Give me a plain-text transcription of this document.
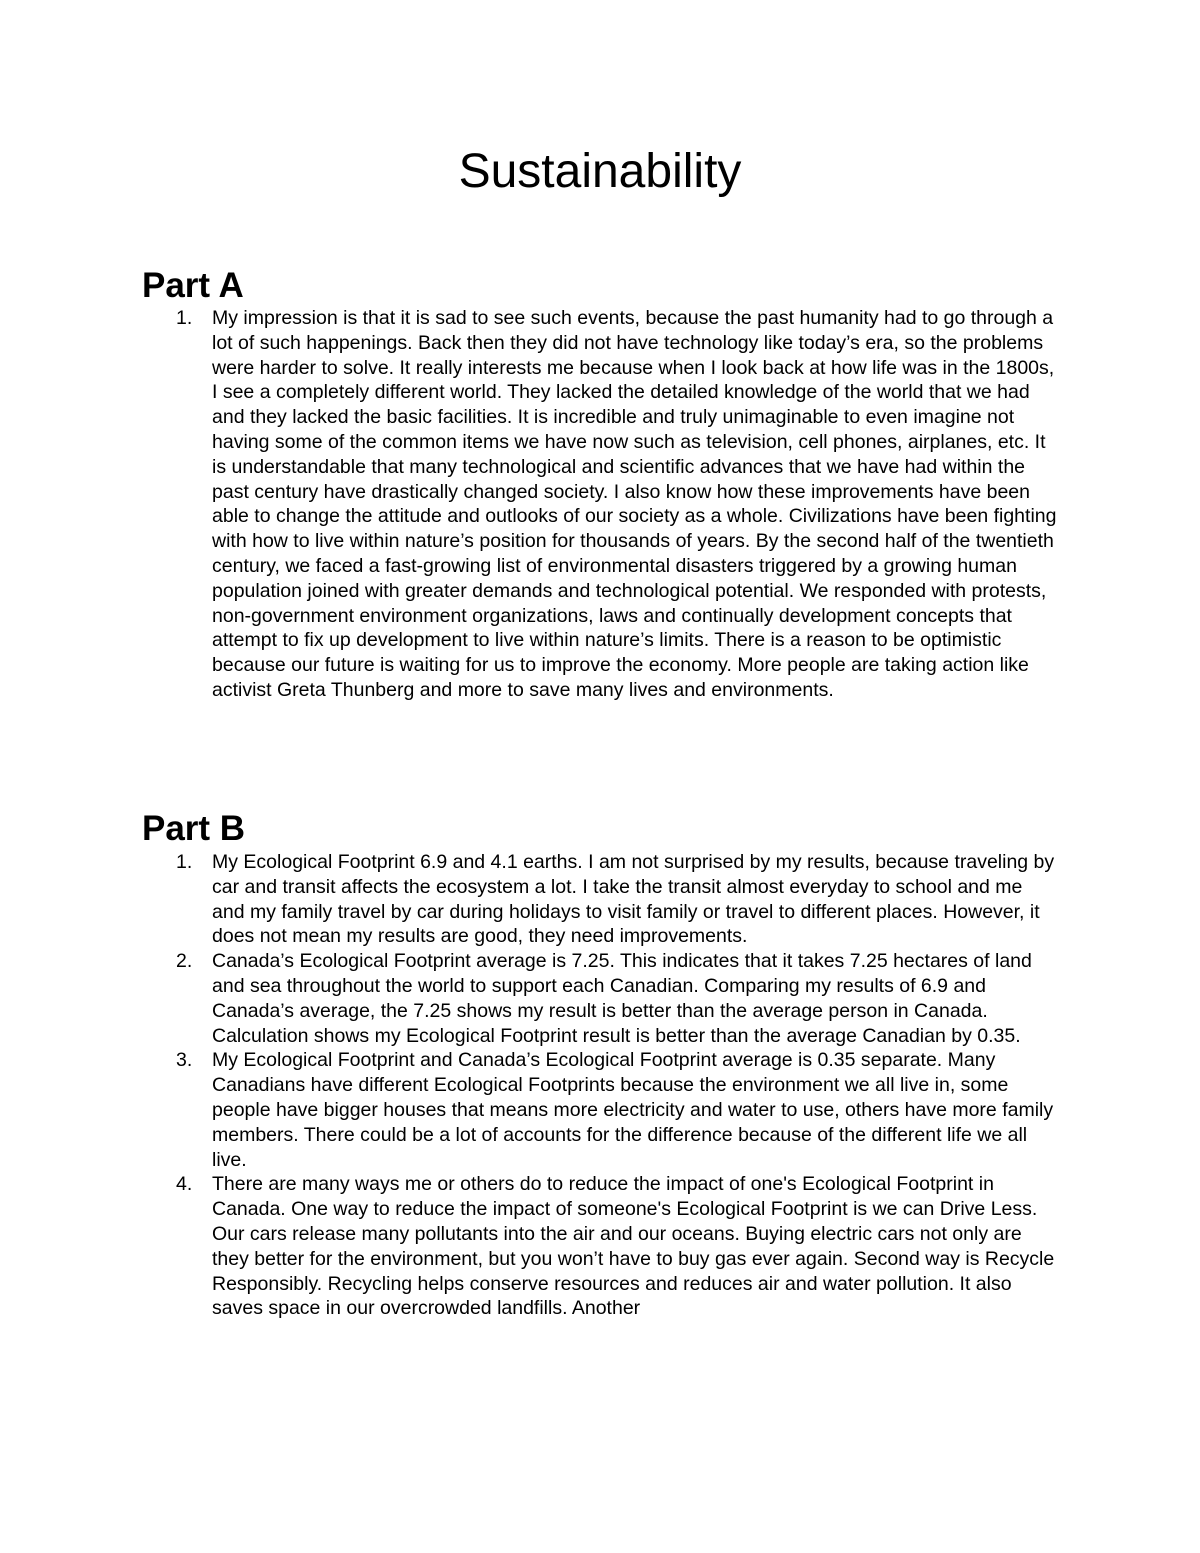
Sustainability
Part A
1. My impression is that it is sad to see such events, because the past humanity had to go through a lot of such happenings. Back then they did not have technology like today’s era, so the problems were harder to solve. It really interests me because when I look back at how life was in the 1800s, I see a completely different world. They lacked the detailed knowledge of the world that we had and they lacked the basic facilities. It is incredible and truly unimaginable to even imagine not having some of the common items we have now such as television, cell phones, airplanes, etc. It is understandable that many technological and scientific advances that we have had within the past century have drastically changed society. I also know how these improvements have been able to change the attitude and outlooks of our society as a whole. Civilizations have been fighting with how to live within nature’s position for thousands of years. By the second half of the twentieth century, we faced a fast-growing list of environmental disasters triggered by a growing human population joined with greater demands and technological potential. We responded with protests, non-government environment organizations, laws and continually development concepts that attempt to fix up development to live within nature’s limits. There is a reason to be optimistic because our future is waiting for us to improve the economy. More people are taking action like activist Greta Thunberg and more to save many lives and environments.
Part B
1. My Ecological Footprint 6.9 and 4.1 earths. I am not surprised by my results, because traveling by car and transit affects the ecosystem a lot. I take the transit almost everyday to school and me and my family travel by car during holidays to visit family or travel to different places. However, it does not mean my results are good, they need improvements.
2. Canada’s Ecological Footprint average is 7.25. This indicates that it takes 7.25 hectares of land and sea throughout the world to support each Canadian. Comparing my results of 6.9 and Canada’s average, the 7.25 shows my result is better than the average person in Canada. Calculation shows my Ecological Footprint result is better than the average Canadian by 0.35.
3. My Ecological Footprint and Canada’s Ecological Footprint average is 0.35 separate. Many Canadians have different Ecological Footprints because the environment we all live in, some people have bigger houses that means more electricity and water to use, others have more family members. There could be a lot of accounts for the difference because of the different life we all live.
4. There are many ways me or others do to reduce the impact of one's Ecological Footprint in Canada. One way to reduce the impact of someone's Ecological Footprint is we can Drive Less. Our cars release many pollutants into the air and our oceans. Buying electric cars not only are they better for the environment, but you won’t have to buy gas ever again. Second way is Recycle Responsibly. Recycling helps conserve resources and reduces air and water pollution. It also saves space in our overcrowded landfills. Another
